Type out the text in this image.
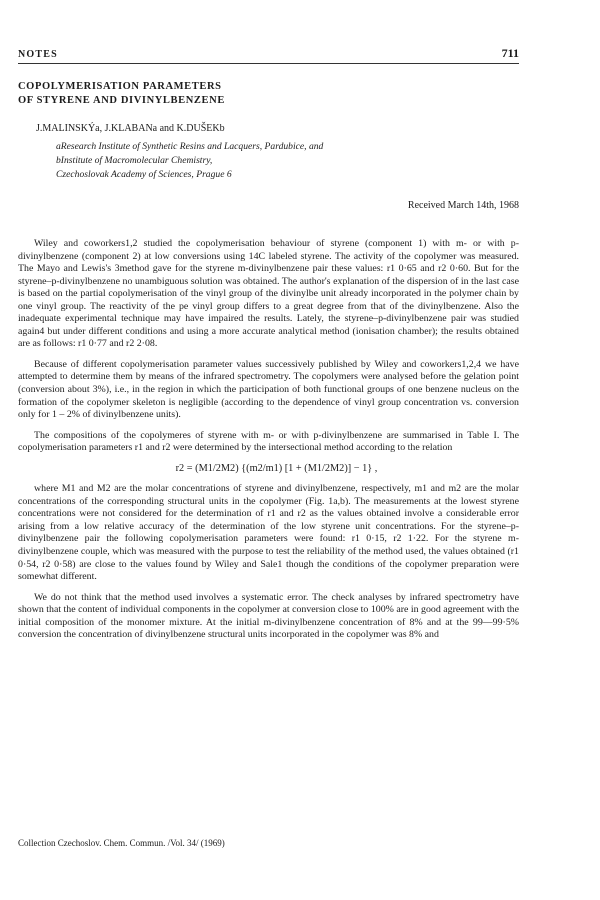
NOTES	711
COPOLYMERISATION PARAMETERS
OF STYRENE AND DIVINYLBENZENE
J.MALINSKÝa, J.KLABANa and K.DUŠEKb
aResearch Institute of Synthetic Resins and Lacquers, Pardubice, and
bInstitute of Macromolecular Chemistry,
Czechoslovak Academy of Sciences, Prague 6
Received March 14th, 1968

Wiley and coworkers1,2 studied the copolymerisation behaviour of styrene (component 1) with m- or with p-divinylbenzene (component 2) at low conversions using 14C labeled styrene. The activity of the copolymer was measured. The Mayo and Lewis's 3method gave for the styrene m-divinylbenzene pair these values: r1 0·65 and r2 0·60. But for the styrene–p-divinylbenzene no unambiguous solution was obtained. The author's explanation of the dispersion of in the last case is based on the partial copolymerisation of the vinyl group of the divinylbe unit already incorporated in the polymer chain by one vinyl group. The reactivity of the pe vinyl group differs to a great degree from that of the divinylbenzene. Also the inadequate experimental technique may have impaired the results. Lately, the styrene–p-divinylbenzene pair was studied again4 but under different conditions and using a more accurate analytical method (ionisation chamber); the results obtained are as follows: r1 0·77 and r2 2·08.

Because of different copolymerisation parameter values successively published by Wiley and coworkers1,2,4 we have attempted to determine them by means of the infrared spectrometry. The copolymers were analysed before the gelation point (conversion about 3%), i.e., in the region in which the participation of both functional groups of one benzene nucleus on the formation of the copolymer skeleton is negligible (according to the dependence of vinyl group concentration vs. conversion only for 1 – 2% of divinylbenzene units).

The compositions of the copolymeres of styrene with m- or with p-divinylbenzene are summarised in Table I. The copolymerisation parameters r1 and r2 were determined by the intersectional method according to the relation

r2 = (M1/2M2) {(m2/m1) [1 + (M1/2M2)] − 1} ,

where M1 and M2 are the molar concentrations of styrene and divinylbenzene, respectively, m1 and m2 are the molar concentrations of the corresponding structural units in the copolymer (Fig. 1a,b). The measurements at the lowest styrene concentrations were not considered for the determination of r1 and r2 as the values obtained involve a considerable error arising from a low relative accuracy of the determination of the low styrene unit concentrations. For the styrene–p-divinylbenzene pair the following copolymerisation parameters were found: r1 0·15, r2 1·22. For the styrene m-divinylbenzene couple, which was measured with the purpose to test the reliability of the method used, the values obtained (r1 0·54, r2 0·58) are close to the values found by Wiley and Sale1 though the conditions of the copolymer preparation were somewhat different.

We do not think that the method used involves a systematic error. The check analyses by infrared spectrometry have shown that the content of individual components in the copolymer at conversion close to 100% are in good agreement with the initial composition of the monomer mixture. At the initial m-divinylbenzene concentration of 8% and at the 99—99·5% conversion the concentration of divinylbenzene structural units incorporated in the copolymer was 8% and

Collection Czechoslov. Chem. Commun. /Vol. 34/ (1969)
